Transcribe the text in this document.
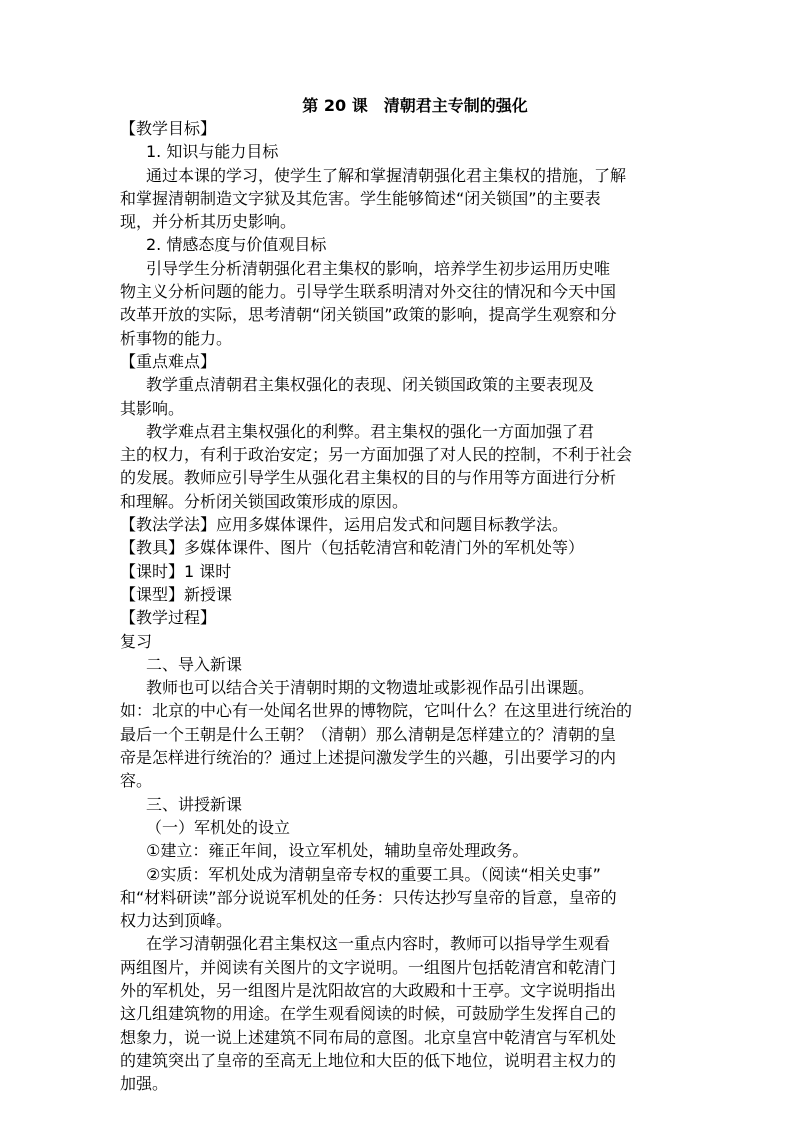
第 20 课　清朝君主专制的强化
【教学目标】
1. 知识与能力目标
通过本课的学习，使学生了解和掌握清朝强化君主集权的措施，了解
和掌握清朝制造文字狱及其危害。学生能够简述“闭关锁国”的主要表
现，并分析其历史影响。
2. 情感态度与价值观目标
引导学生分析清朝强化君主集权的影响，培养学生初步运用历史唯
物主义分析问题的能力。引导学生联系明清对外交往的情况和今天中国
改革开放的实际，思考清朝“闭关锁国”政策的影响，提高学生观察和分
析事物的能力。
【重点难点】
教学重点清朝君主集权强化的表现、闭关锁国政策的主要表现及
其影响。
教学难点君主集权强化的利弊。君主集权的强化一方面加强了君
主的权力，有利于政治安定；另一方面加强了对人民的控制，不利于社会
的发展。教师应引导学生从强化君主集权的目的与作用等方面进行分析
和理解。分析闭关锁国政策形成的原因。
【教法学法】应用多媒体课件，运用启发式和问题目标教学法。
【教具】多媒体课件、图片（包括乾清宫和乾清门外的军机处等）
【课时】1 课时
【课型】新授课
【教学过程】
复习
二、导入新课
教师也可以结合关于清朝时期的文物遗址或影视作品引出课题。
如：北京的中心有一处闻名世界的博物院，它叫什么？在这里进行统治的
最后一个王朝是什么王朝？（清朝）那么清朝是怎样建立的？清朝的皇
帝是怎样进行统治的？通过上述提问激发学生的兴趣，引出要学习的内
容。
三、讲授新课
（一）军机处的设立
①建立：雍正年间，设立军机处，辅助皇帝处理政务。
②实质：军机处成为清朝皇帝专权的重要工具。（阅读“相关史事”
和“材料研读”部分说说军机处的任务：只传达抄写皇帝的旨意，皇帝的
权力达到顶峰。
在学习清朝强化君主集权这一重点内容时，教师可以指导学生观看
两组图片，并阅读有关图片的文字说明。一组图片包括乾清宫和乾清门
外的军机处，另一组图片是沈阳故宫的大政殿和十王亭。文字说明指出
这几组建筑物的用途。在学生观看阅读的时候，可鼓励学生发挥自己的
想象力，说一说上述建筑不同布局的意图。北京皇宫中乾清宫与军机处
的建筑突出了皇帝的至高无上地位和大臣的低下地位，说明君主权力的
加强。
